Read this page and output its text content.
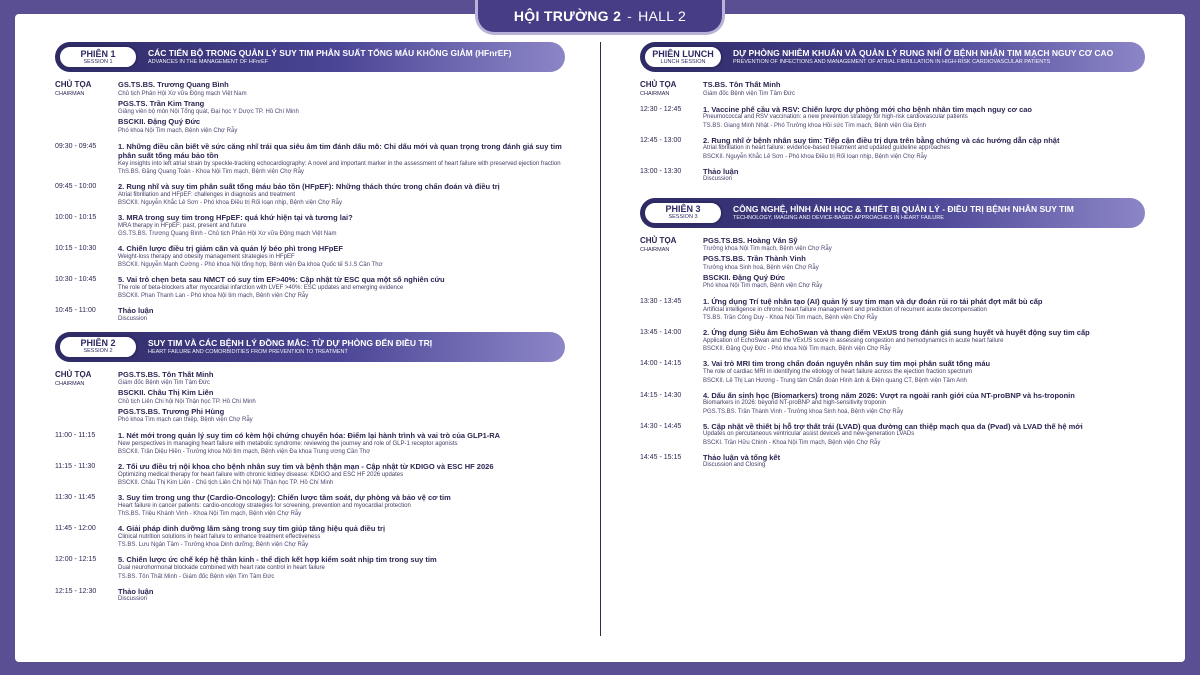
HỘI TRƯỜNG 2 - HALL 2
PHIÊN 1
SESSION 1
CÁC TIẾN BỘ TRONG QUẢN LÝ SUY TIM PHÂN SUẤT TỐNG MÁU KHÔNG GIẢM (HFnrEF)
ADVANCES IN THE MANAGEMENT OF HFnrEF
CHỦ TỌA
CHAIRMAN
GS.TS.BS. Trương Quang Bình
Chủ tịch Phân Hội Xơ vữa Động mạch Việt Nam
PGS.TS. Trần Kim Trang
Giảng viên bộ môn Nội Tổng quát, Đại học Y Dược TP. Hồ Chí Minh
BSCKII. Đặng Quý Đức
Phó khoa Nội Tim mạch, Bệnh viện Chợ Rẫy
09:30 - 09:45	1. Những điều cần biết về sức căng nhĩ trái qua siêu âm tim đánh dấu mô: Chỉ dấu mới và quan trọng trong đánh giá suy tim phân suất tống máu bảo tồn
Key insights into left atrial strain by speckle-tracking echocardiography: A novel and important marker in the assessment of heart failure with preserved ejection fraction
ThS.BS. Đặng Quang Toàn - Khoa Nội Tim mạch, Bệnh viện Chợ Rẫy
09:45 - 10:00	2. Rung nhĩ và suy tim phân suất tống máu bảo tồn (HFpEF): Những thách thức trong chẩn đoán và điều trị
Atrial fibrillation and HFpEF: challenges in diagnosis and treatment
BSCKII. Nguyễn Khắc Lê Sơn - Phó khoa Điều trị Rối loạn nhịp, Bệnh viện Chợ Rẫy
10:00 - 10:15	3. MRA trong suy tim trong HFpEF: quá khứ hiện tại và tương lai?
MRA therapy in HFpEF: past, present and future
GS.TS.BS. Trương Quang Bình - Chủ tịch Phân Hội Xơ vữa Động mạch Việt Nam
10:15 - 10:30	4. Chiến lược điều trị giảm cân và quản lý béo phì trong HFpEF
Weight-loss therapy and obesity management strategies in HFpEF
BSCKII. Nguyễn Mạnh Cường - Phó khoa Nội tổng hợp, Bệnh viện Đa khoa Quốc tế S.I.S Cần Thơ
10:30 - 10:45	5. Vai trò chẹn beta sau NMCT có suy tim EF>40%: Cập nhật từ ESC qua một số nghiên cứu
The role of beta-blockers after myocardial infarction with LVEF >40%: ESC updates and emerging evidence
BSCKII. Phan Thanh Lan - Phó khoa Nội tim mạch, Bệnh viện Chợ Rẫy
10:45 - 11:00	Thảo luận
Discussion
PHIÊN 2
SESSION 2
SUY TIM VÀ CÁC BỆNH LÝ ĐỒNG MẮC: TỪ DỰ PHÒNG ĐẾN ĐIỀU TRỊ
HEART FAILURE AND COMORBIDITIES FROM PREVENTION TO TREATMENT
CHỦ TỌA
CHAIRMAN
PGS.TS.BS. Tôn Thất Minh
Giám đốc Bệnh viện Tim Tâm Đức
BSCKII. Châu Thị Kim Liên
Chủ tịch Liên Chi hội Nội Thận học TP. Hồ Chí Minh
PGS.TS.BS. Trương Phi Hùng
Phó khoa Tim mạch can thiệp, Bệnh viện Chợ Rẫy
11:00 - 11:15	1. Nét mới trong quản lý suy tim có kèm hội chứng chuyển hóa: Điểm lại hành trình và vai trò của GLP1-RA
New perspectives in managing heart failure with metabolic syndrome: reviewing the journey and role of GLP-1 receptor agonists
BSCKII. Trần Diệu Hiền - Trưởng khoa Nội tim mạch, Bệnh viện Đa khoa Trung ương Cần Thơ
11:15 - 11:30	2. Tối ưu điều trị nội khoa cho bệnh nhân suy tim và bệnh thận mạn - Cập nhật từ KDIGO và ESC HF 2026
Optimizing medical therapy for heart failure with chronic kidney disease: KDIGO and ESC HF 2026 updates
BSCKII. Châu Thị Kim Liên - Chủ tịch Liên Chi hội Nội Thận học TP. Hồ Chí Minh
11:30 - 11:45	3. Suy tim trong ung thư (Cardio-Oncology): Chiến lược tầm soát, dự phòng và bảo vệ cơ tim
Heart failure in cancer patients: cardio-oncology strategies for screening, prevention and myocardial protection
ThS.BS. Triệu Khánh Vinh - Khoa Nội Tim mạch, Bệnh viện Chợ Rẫy
11:45 - 12:00	4. Giải pháp dinh dưỡng lâm sàng trong suy tim giúp tăng hiệu quả điều trị
Clinical nutrition solutions in heart failure to enhance treatment effectiveness
TS.BS. Lưu Ngân Tâm - Trưởng khoa Dinh dưỡng, Bệnh viện Chợ Rẫy
12:00 - 12:15	5. Chiến lược ức chế kép hệ thần kinh - thể dịch kết hợp kiểm soát nhịp tim trong suy tim
Dual neurohormonal blockade combined with heart rate control in heart failure
TS.BS. Tôn Thất Minh - Giám đốc Bệnh viện Tim Tâm Đức
12:15 - 12:30	Thảo luận
Discussion
PHIÊN LUNCH
LUNCH SESSION
DỰ PHÒNG NHIỄM KHUẨN VÀ QUẢN LÝ RUNG NHĨ Ở BỆNH NHÂN TIM MẠCH NGUY CƠ CAO
PREVENTION OF INFECTIONS AND MANAGEMENT OF ATRIAL FIBRILLATION IN HIGH-RISK CARDIOVASCULAR PATIENTS
CHỦ TỌA
CHAIRMAN
TS.BS. Tôn Thất Minh
Giám đốc Bệnh viện Tim Tâm Đức
12:30 - 12:45	1. Vaccine phế cầu và RSV: Chiến lược dự phòng mới cho bệnh nhân tim mạch nguy cơ cao
Pneumococcal and RSV vaccination: a new prevention strategy for high-risk cardiovascular patients
TS.BS. Giang Minh Nhật - Phó Trưởng khoa Hồi sức Tim mạch, Bệnh viện Gia Định
12:45 - 13:00	2. Rung nhĩ ở bệnh nhân suy tim: Tiếp cận điều trị dựa trên bằng chứng và các hướng dẫn cập nhật
Atrial fibrillation in heart failure: evidence-based treatment and updated guideline approaches
BSCKII. Nguyễn Khắc Lê Sơn - Phó khoa Điều trị Rối loạn nhịp, Bệnh viện Chợ Rẫy
13:00 - 13:30	Thảo luận
Discussion
PHIÊN 3
SESSION 3
CÔNG NGHỆ, HÌNH ẢNH HỌC & THIẾT BỊ QUẢN LÝ - ĐIỀU TRỊ BỆNH NHÂN SUY TIM
TECHNOLOGY, IMAGING AND DEVICE-BASED APPROACHES IN HEART FAILURE
CHỦ TỌA
CHAIRMAN
PGS.TS.BS. Hoàng Văn Sỹ
Trưởng khoa Nội Tim mạch, Bệnh viện Chợ Rẫy
PGS.TS.BS. Trần Thành Vinh
Trưởng khoa Sinh hoá, Bệnh viện Chợ Rẫy
BSCKII. Đặng Quý Đức
Phó khoa Nội Tim mạch, Bệnh viện Chợ Rẫy
13:30 - 13:45	1. Ứng dụng Trí tuệ nhân tạo (AI) quản lý suy tim mạn và dự đoán rủi ro tái phát đợt mất bù cấp
Artificial intelligence in chronic heart failure management and prediction of recurrent acute decompensation
TS.BS. Trần Công Duy - Khoa Nội Tim mạch, Bệnh viện Chợ Rẫy
13:45 - 14:00	2. Ứng dụng Siêu âm EchoSwan và thang điểm VExUS trong đánh giá sung huyết và huyết động suy tim cấp
Application of EchoSwan and the VExUS score in assessing congestion and hemodynamics in acute heart failure
BSCKII. Đặng Quý Đức - Phó khoa Nội Tim mạch, Bệnh viện Chợ Rẫy
14:00 - 14:15	3. Vai trò MRI tim trong chẩn đoán nguyên nhân suy tim mọi phân suất tống máu
The role of cardiac MRI in identifying the etiology of heart failure across the ejection fraction spectrum
BSCKII. Lê Thị Lan Hương - Trung tâm Chẩn đoán Hình ảnh & Điện quang CT, Bệnh viện Tâm Anh
14:15 - 14:30	4. Dấu ấn sinh học (Biomarkers) trong năm 2026: Vượt ra ngoài ranh giới của NT-proBNP và hs-troponin
Biomarkers in 2026: beyond NT-proBNP and high-sensitivity troponin
PGS.TS.BS. Trần Thành Vinh - Trưởng khoa Sinh hoá, Bệnh viện Chợ Rẫy
14:30 - 14:45	5. Cập nhật về thiết bị hỗ trợ thất trái (LVAD) qua đường can thiệp mạch qua da (Pvad) và LVAD thế hệ mới
Updates on percutaneous ventricular assist devices and new-generation LVADs
BSCKI. Trần Hữu Chinh - Khoa Nội Tim mạch, Bệnh viện Chợ Rẫy
14:45 - 15:15	Thảo luận và tổng kết
Discussion and Closing
